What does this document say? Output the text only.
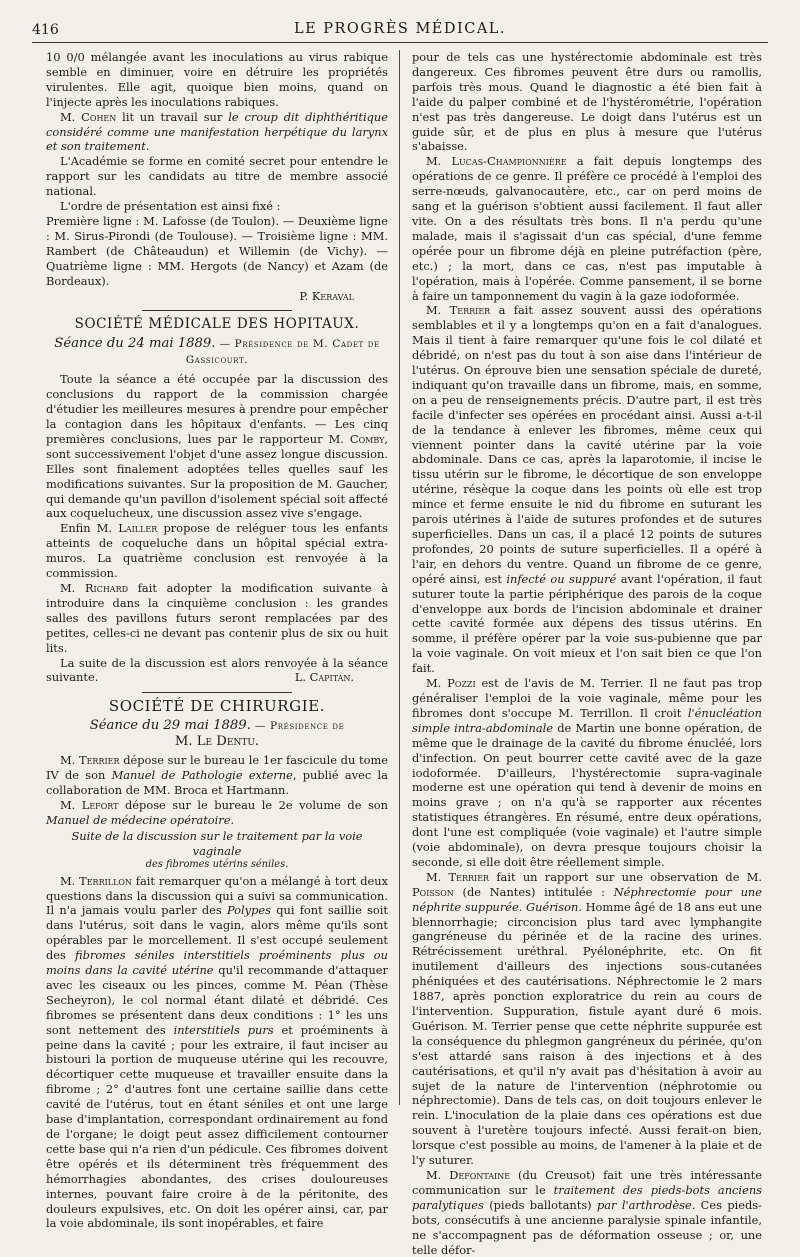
416	LE PROGRÈS MÉDICAL.

10 0/0 mélangée avant les inoculations au virus rabique semble en diminuer, voire en détruire les propriétés virulentes. Elle agit, quoique bien moins, quand on l'injecte après les inoculations rabiques.

M. Cohen lit un travail sur le croup dit diphthéritique considéré comme une manifestation herpétique du larynx et son traitement.

L'Académie se forme en comité secret pour entendre le rapport sur les candidats au titre de membre associé national.

L'ordre de présentation est ainsi fixé :

Première ligne : M. Lafosse (de Toulon). — Deuxième ligne : M. Sirus-Pirondi (de Toulouse). — Troisième ligne : MM. Rambert (de Châteaudun) et Willemin (de Vichy). — Quatrième ligne : MM. Hergots (de Nancy) et Azam (de Bordeaux).

P. Keraval

SOCIÉTÉ MÉDICALE DES HOPITAUX.
Séance du 24 mai 1889. — Présidence de M. Cadet de Gassicourt.

Toute la séance a été occupée par la discussion des conclusions du rapport de la commission chargée d'étudier les meilleures mesures à prendre pour empêcher la contagion dans les hôpitaux d'enfants. — Les cinq premières conclusions, lues par le rapporteur M. Comby, sont successivement l'objet d'une assez longue discussion. Elles sont finalement adoptées telles quelles sauf les modifications suivantes. Sur la proposition de M. Gaucher, qui demande qu'un pavillon d'isolement spécial soit affecté aux coquelucheux, une discussion assez vive s'engage.

Enfin M. Lailler propose de reléguer tous les enfants atteints de coqueluche dans un hôpital spécial extra-muros. La quatrième conclusion est renvoyée à la commission.

M. Richard fait adopter la modification suivante à introduire dans la cinquième conclusion : les grandes salles des pavillons futurs seront remplacées par des petites, celles-ci ne devant pas contenir plus de six ou huit lits.

La suite de la discussion est alors renvoyée à la séance suivante.	L. Capitan.

SOCIÉTÉ DE CHIRURGIE.
Séance du 29 mai 1889. — Présidence de
M. Le Dentu.

M. Terrier dépose sur le bureau le 1er fascicule du tome IV de son Manuel de Pathologie externe, publié avec la collaboration de MM. Broca et Hartmann.

M. Lefort dépose sur le bureau le 2e volume de son Manuel de médecine opératoire.

Suite de la discussion sur le traitement par la voie vaginale
des fibromes utérins séniles.

M. Terrillon fait remarquer qu'on a mélangé à tort deux questions dans la discussion qui a suivi sa communication. Il n'a jamais voulu parler des Polypes qui font saillie soit dans l'utérus, soit dans le vagin, alors même qu'ils sont opérables par le morcellement. Il s'est occupé seulement des fibromes séniles interstitiels proéminents plus ou moins dans la cavité utérine qu'il recommande d'attaquer avec les ciseaux ou les pinces, comme M. Péan (Thèse Secheyron), le col normal étant dilaté et débridé. Ces fibromes se présentent dans deux conditions : 1° les uns sont nettement des interstitiels purs et proéminents à peine dans la cavité ; pour les extraire, il faut inciser au bistouri la portion de muqueuse utérine qui les recouvre, décortiquer cette muqueuse et travailler ensuite dans la fibrome ; 2° d'autres font une certaine saillie dans cette cavité de l'utérus, tout en étant séniles et ont une large base d'implantation, correspondant ordinairement au fond de l'organe; le doigt peut assez difficilement contourner cette base qui n'a rien d'un pédicule. Ces fibromes doivent être opérés et ils déterminent très fréquemment des hémorrhagies abondantes, des crises douloureuses internes, pouvant faire croire à de la péritonite, des douleurs expulsives, etc. On doit les opérer ainsi, car, par la voie abdominale, ils sont inopérables, et faire

pour de tels cas une hystérectomie abdominale est très dangereux. Ces fibromes peuvent être durs ou ramollis, parfois très mous. Quand le diagnostic a été bien fait à l'aide du palper combiné et de l'hystérométrie, l'opération n'est pas très dangereuse. Le doigt dans l'utérus est un guide sûr, et de plus en plus à mesure que l'utérus s'abaisse.

M. Lucas-Championnière a fait depuis longtemps des opérations de ce genre. Il préfère ce procédé à l'emploi des serre-nœuds, galvanocautère, etc., car on perd moins de sang et la guérison s'obtient aussi facilement. Il faut aller vite. On a des résultats très bons. Il n'a perdu qu'une malade, mais il s'agissait d'un cas spécial, d'une femme opérée pour un fibrome déjà en pleine putréfaction (père, etc.) ; la mort, dans ce cas, n'est pas imputable à l'opération, mais à l'opérée. Comme pansement, il se borne à faire un tamponnement du vagin à la gaze iodoformée.

M. Terrier a fait assez souvent aussi des opérations semblables et il y a longtemps qu'on en a fait d'analogues. Mais il tient à faire remarquer qu'une fois le col dilaté et débridé, on n'est pas du tout à son aise dans l'intérieur de l'utérus. On éprouve bien une sensation spéciale de dureté, indiquant qu'on travaille dans un fibrome, mais, en somme, on a peu de renseignements précis. D'autre part, il est très facile d'infecter ses opérées en procédant ainsi. Aussi a-t-il de la tendance à enlever les fibromes, même ceux qui viennent pointer dans la cavité utérine par la voie abdominale. Dans ce cas, après la laparotomie, il incise le tissu utérin sur le fibrome, le décortique de son enveloppe utérine, résèque la coque dans les points où elle est trop mince et ferme ensuite le nid du fibrome en suturant les parois utérines à l'aide de sutures profondes et de sutures superficielles. Dans un cas, il a placé 12 points de sutures profondes, 20 points de suture superficielles. Il a opéré à l'air, en dehors du ventre. Quand un fibrome de ce genre, opéré ainsi, est infecté ou suppuré avant l'opération, il faut suturer toute la partie périphérique des parois de la coque d'enveloppe aux bords de l'incision abdominale et drainer cette cavité formée aux dépens des tissus utérins. En somme, il préfère opérer par la voie sus-pubienne que par la voie vaginale. On voit mieux et l'on sait bien ce que l'on fait.

M. Pozzi est de l'avis de M. Terrier. Il ne faut pas trop généraliser l'emploi de la voie vaginale, même pour les fibromes dont s'occupe M. Terrillon. Il croit l'énucléation simple intra-abdominale de Martin une bonne opération, de même que le drainage de la cavité du fibrome énucléé, lors d'infection. On peut bourrer cette cavité avec de la gaze iodoformée. D'ailleurs, l'hystérectomie supra-vaginale moderne est une opération qui tend à devenir de moins en moins grave ; on n'a qu'à se rapporter aux récentes statistiques étrangères. En résumé, entre deux opérations, dont l'une est compliquée (voie vaginale) et l'autre simple (voie abdominale), on devra presque toujours choisir la seconde, si elle doit être réellement simple.

M. Terrier fait un rapport sur une observation de M. Poisson (de Nantes) intitulée : Néphrectomie pour une néphrite suppurée. Guérison. Homme âgé de 18 ans eut une blennorrhagie; circoncision plus tard avec lymphangite gangréneuse du périnée et de la racine des urines. Rétrécissement uréthral. Pyélonéphrite, etc. On fit inutilement d'ailleurs des injections sous-cutanées phéniquées et des cautérisations. Néphrectomie le 2 mars 1887, après ponction exploratrice du rein au cours de l'intervention. Suppuration, fistule ayant duré 6 mois. Guérison. M. Terrier pense que cette néphrite suppurée est la conséquence du phlegmon gangréneux du périnée, qu'on s'est attardé sans raison à des injections et à des cautérisations, et qu'il n'y avait pas d'hésitation à avoir au sujet de la nature de l'intervention (néphrotomie ou néphrectomie). Dans de tels cas, on doit toujours enlever le rein. L'inoculation de la plaie dans ces opérations est due souvent à l'uretère toujours infecté. Aussi ferait-on bien, lorsque c'est possible au moins, de l'amener à la plaie et de l'y suturer.

M. Defontaine (du Creusot) fait une très intéressante communication sur le traitement des pieds-bots anciens paralytiques (pieds ballotants) par l'arthrodèse. Ces pieds-bots, consécutifs à une ancienne paralysie spinale infantile, ne s'accompagnent pas de déformation osseuse ; or, une telle défor-
